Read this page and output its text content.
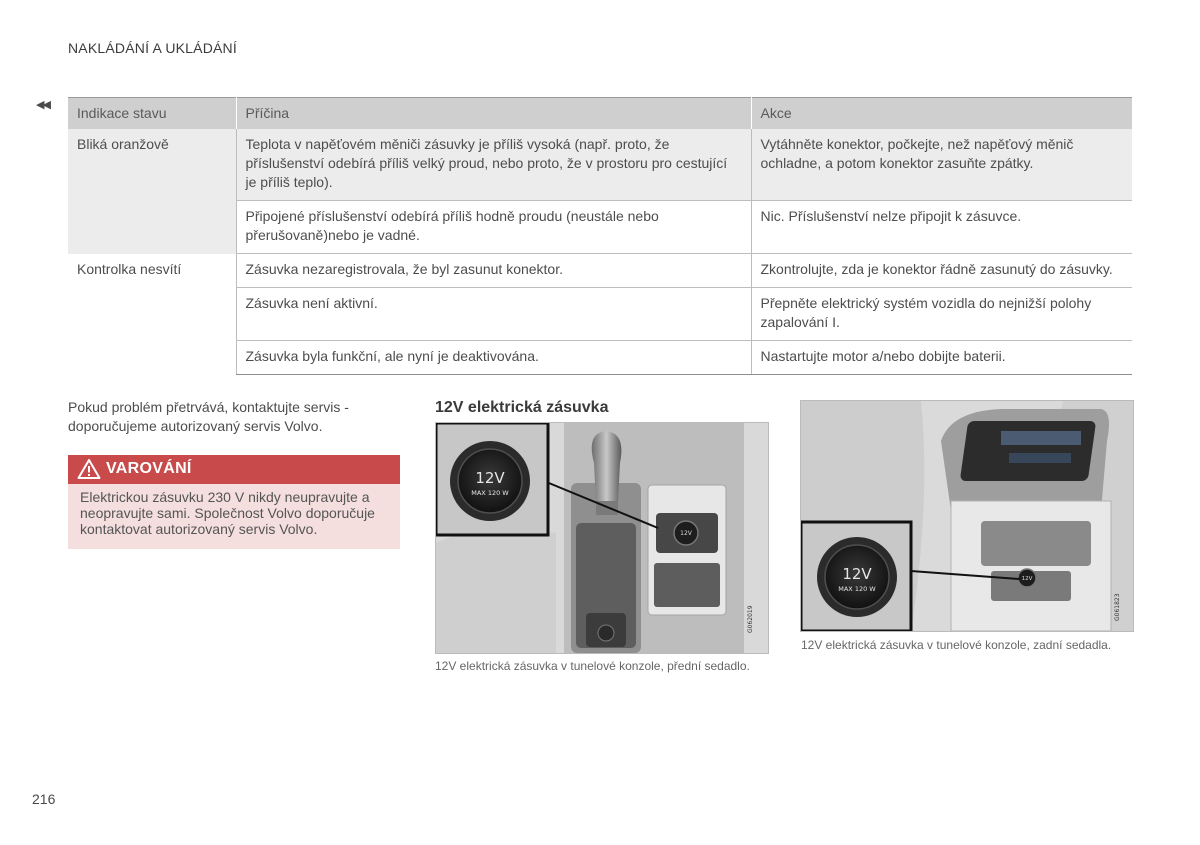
NAKLÁDÁNÍ A UKLÁDÁNÍ
◀◀ Indikace stavu	Příčina	Akce
Bliká oranžově	Teplota v napěťovém měniči zásuvky je příliš vysoká (např. proto, že příslušenství odebírá příliš velký proud, nebo proto, že v prostoru pro cestující je příliš teplo).	Vytáhněte konektor, počkejte, než napěťový měnič ochladne, a potom konektor zasuňte zpátky.
	Připojené příslušenství odebírá příliš hodně proudu (neustále nebo přerušovaně)nebo je vadné.	Nic. Příslušenství nelze připojit k zásuvce.
Kontrolka nesvítí	Zásuvka nezaregistrovala, že byl zasunut konektor.	Zkontrolujte, zda je konektor řádně zasunutý do zásuvky.
	Zásuvka není aktivní.	Přepněte elektrický systém vozidla do nejnižší polohy zapalování I.
	Zásuvka byla funkční, ale nyní je deaktivována.	Nastartujte motor a/nebo dobijte baterii.
Pokud problém přetrvává, kontaktujte servis - doporučujeme autorizovaný servis Volvo.
VAROVÁNÍ
Elektrickou zásuvku 230 V nikdy neupravujte a neopravujte sami. Společnost Volvo doporučuje kontaktovat autorizovaný servis Volvo.
12V elektrická zásuvka
12V
12V
MAX 120 W
G062019
12V elektrická zásuvka v tunelové konzole, přední sedadlo.
12V
12V
MAX 120 W
G061823
12V elektrická zásuvka v tunelové konzole, zadní sedadla.
216
